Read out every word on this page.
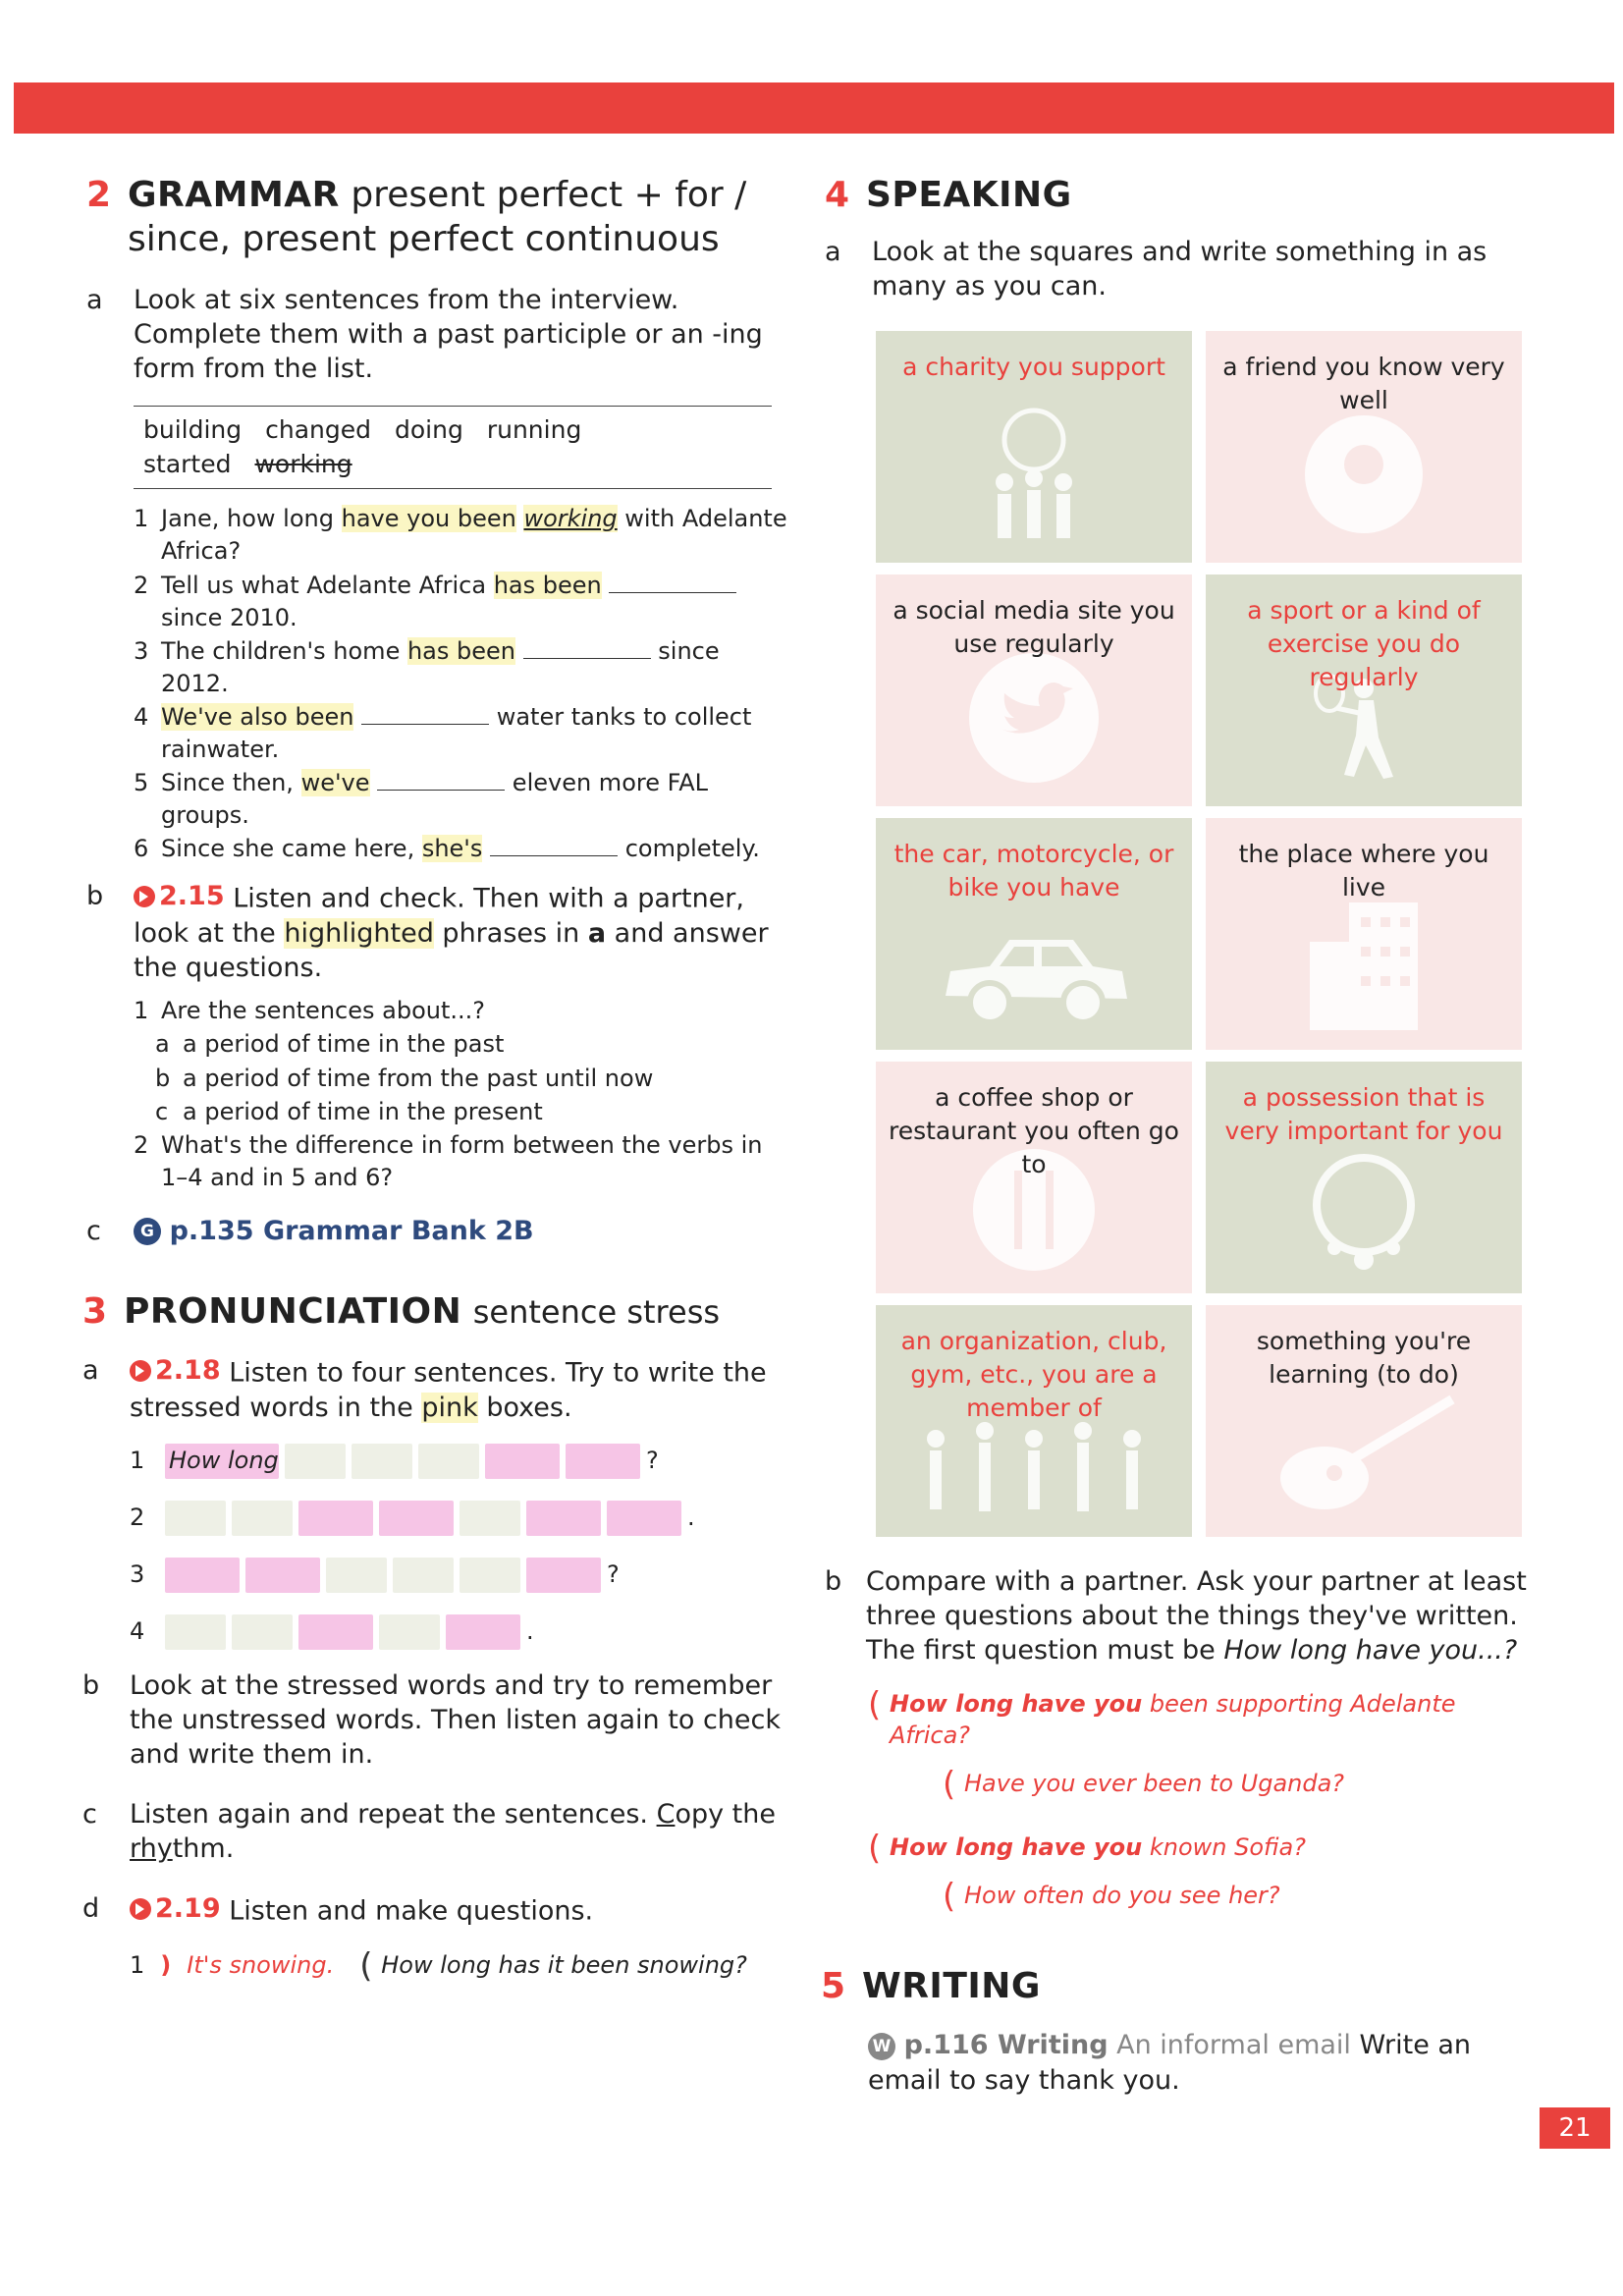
2 GRAMMAR present perfect + for /
since, present perfect continuous
a	Look at six sentences from the interview. Complete them with a past participle or an -ing form from the list.
building changed doing running
started working
1 Jane, how long have you been working with Adelante Africa?
2 Tell us what Adelante Africa has been
since 2010.
3 The children's home has been	since 2012.
4 We've also been	water tanks to collect rainwater.
5 Since then, we've	eleven more FAL groups.
6 Since she came here, she's	completely.
b	2.15 Listen and check. Then with a partner, look at the highlighted phrases in a and answer the questions.
1 Are the sentences about...?
a a period of time in the past
b a period of time from the past until now
c a period of time in the present
2 What's the difference in form between the verbs in 1–4 and in 5 and 6?
c	G p.135 Grammar Bank 2B
3 PRONUNCIATION sentence stress
a	2.18 Listen to four sentences. Try to write the stressed words in the pink boxes.
1	How long	?
2	.
3	?
4	.
b	Look at the stressed words and try to remember the unstressed words. Then listen again to check and write them in.
c	Listen again and repeat the sentences. Copy the rhythm.
d	2.19 Listen and make questions.
1 ) It's snowing.
(	How long has it been snowing?
4 SPEAKING
a	Look at the squares and write something in as many as you can.
a charity you support	a friend you know very well
a social media site you use regularly
a sport or a kind of exercise you do regularly
the car, motorcycle, or bike you have
the place where you live
a coffee shop or restaurant you often go to
a possession that is very important for you
an organization, club, gym, etc., you are a member of
something you're learning (to do)
b Compare with a partner. Ask your partner at least three questions about the things they've written. The first question must be How long have you...?
( How long have you been supporting Adelante Africa?
( Have you ever been to Uganda?
( How long have you known Sofia?
( How often do you see her?
5 WRITING
W p.116 Writing An informal email Write an email to say thank you.
21
